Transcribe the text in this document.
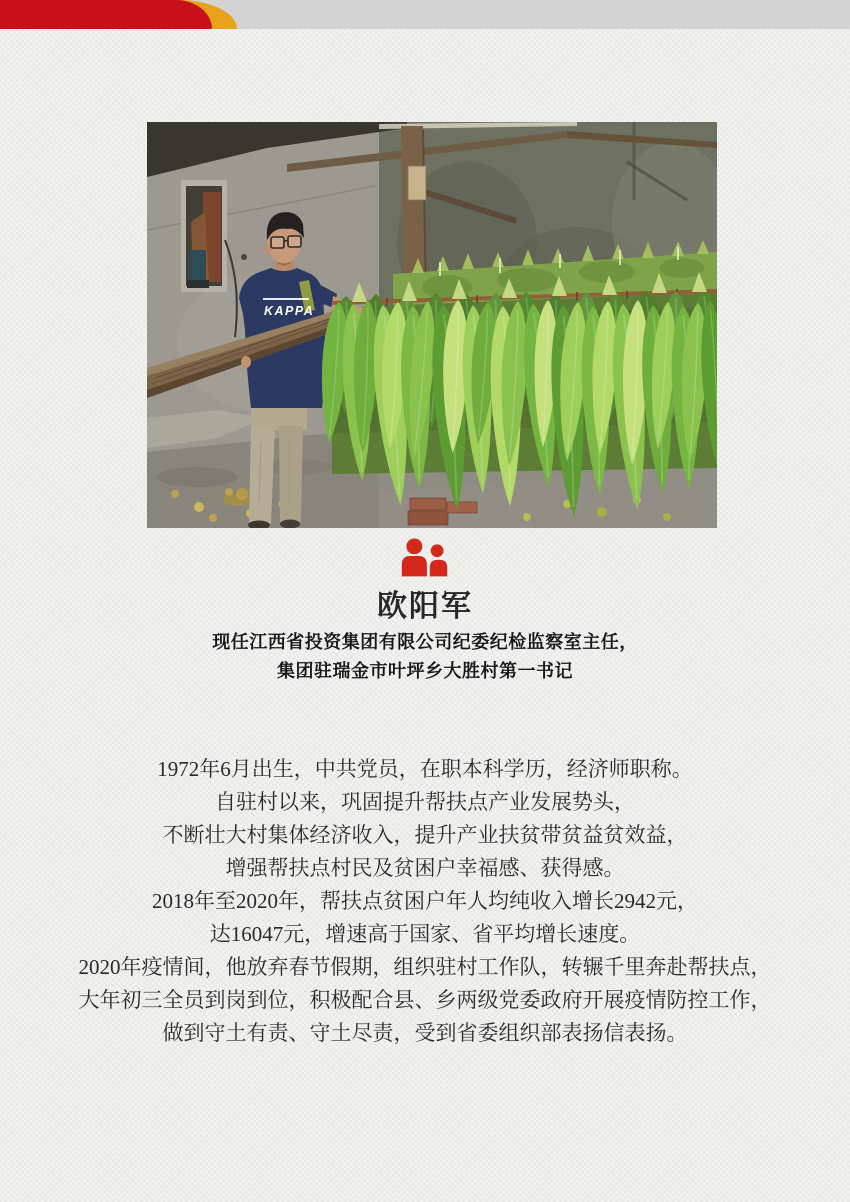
KAPPA
欧阳军
现任江西省投资集团有限公司纪委纪检监察室主任，
集团驻瑞金市叶坪乡大胜村第一书记
1972年6月出生，中共党员，在职本科学历，经济师职称。
自驻村以来，巩固提升帮扶点产业发展势头，
不断壮大村集体经济收入，提升产业扶贫带贫益贫效益，
增强帮扶点村民及贫困户幸福感、获得感。
2018年至2020年，帮扶点贫困户年人均纯收入增长2942元，
达16047元，增速高于国家、省平均增长速度。
2020年疫情间，他放弃春节假期，组织驻村工作队，转辗千里奔赴帮扶点，
大年初三全员到岗到位，积极配合县、乡两级党委政府开展疫情防控工作，
做到守土有责、守土尽责，受到省委组织部表扬信表扬。
